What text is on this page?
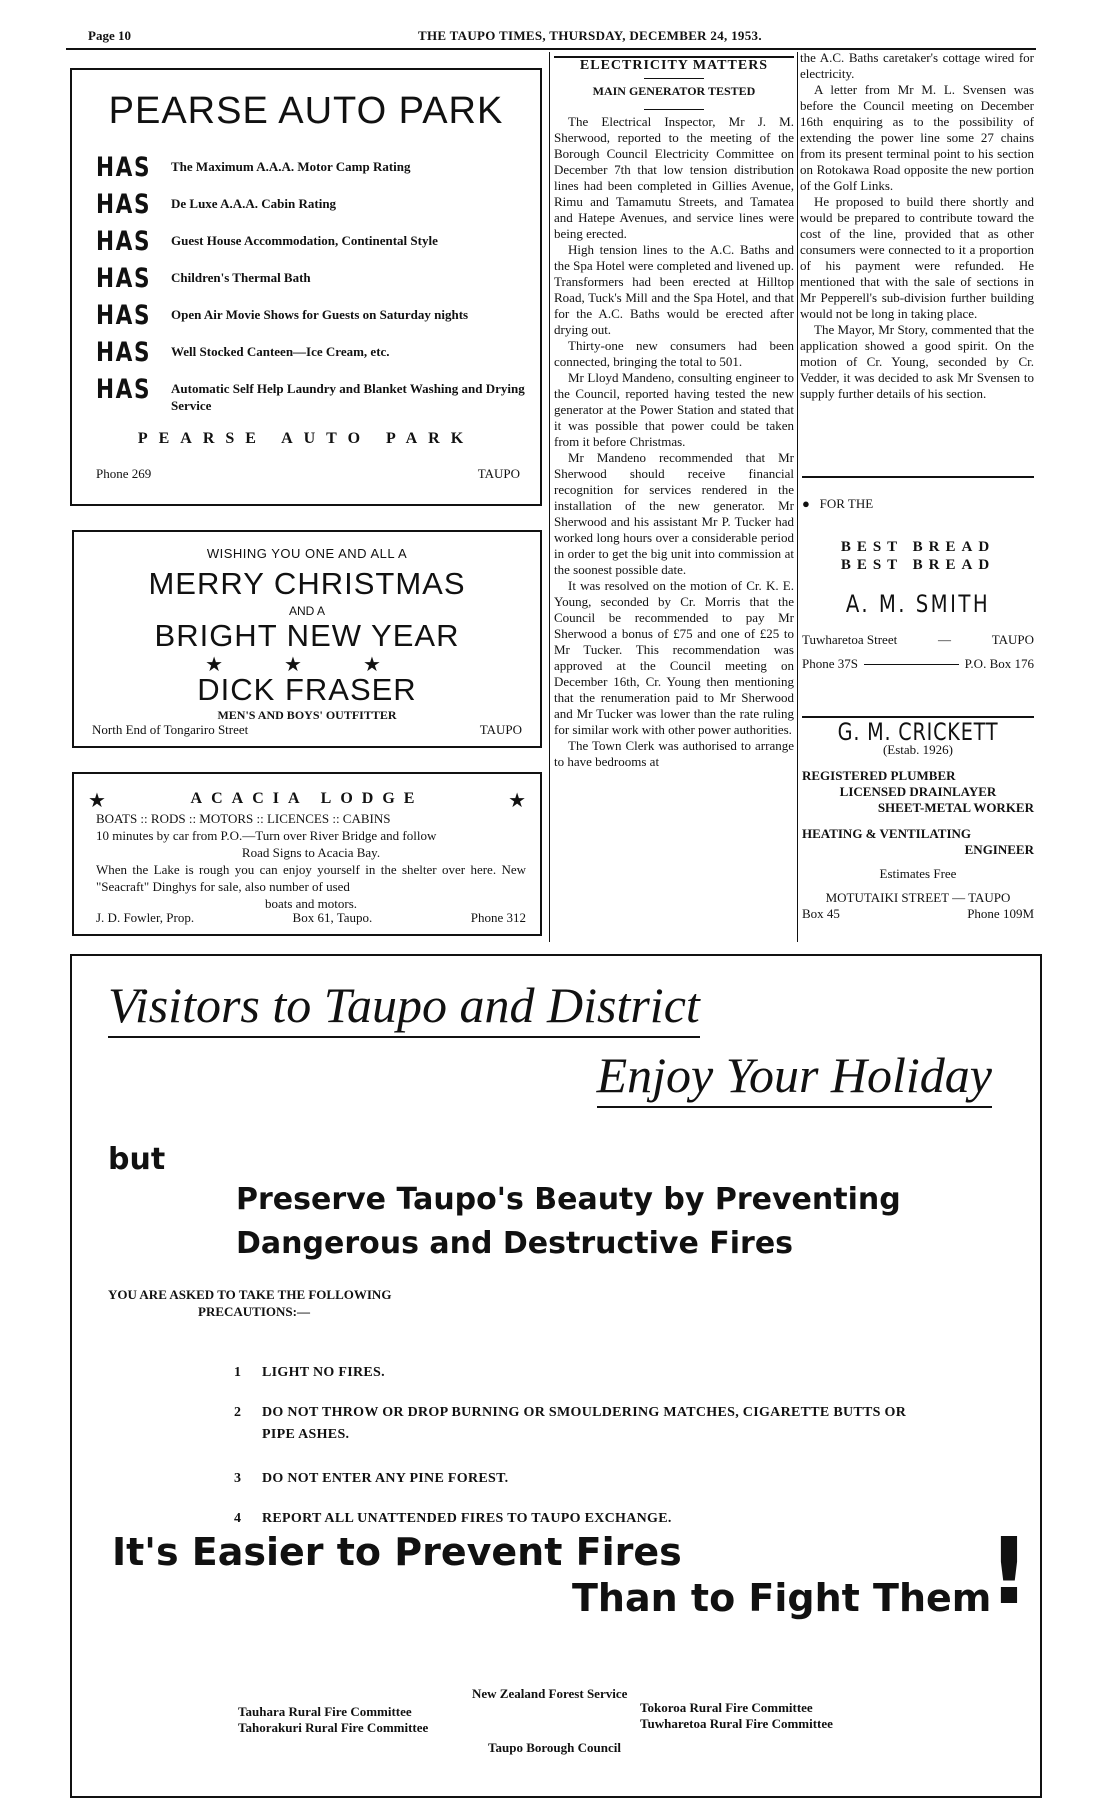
Page 10	THE TAUPO TIMES, THURSDAY, DECEMBER 24, 1953.
PEARSE AUTO PARK
HAS	The Maximum A.A.A. Motor Camp Rating
HAS	De Luxe A.A.A. Cabin Rating
HAS	Guest House Accommodation, Continental Style
HAS	Children's Thermal Bath
HAS	Open Air Movie Shows for Guests on Saturday nights
HAS	Well Stocked Canteen—Ice Cream, etc.
HAS	Automatic Self Help Laundry and Blanket Washing and Drying Service
PEARSE AUTO PARK
Phone 269	TAUPO
WISHING YOU ONE AND ALL A
MERRY CHRISTMAS
AND A
BRIGHT NEW YEAR
★ ★ ★
DICK FRASER
MEN'S AND BOYS' OUTFITTER
North End of Tongariro Street	TAUPO
★	★
ACACIA LODGE
BOATS :: RODS :: MOTORS :: LICENCES :: CABINS
10 minutes by car from P.O.—Turn over River Bridge and follow
Road Signs to Acacia Bay.
When the Lake is rough you can enjoy yourself in the shelter over here. New "Seacraft" Dinghys for sale, also number of used
boats and motors.
J. D. Fowler, Prop.	Box 61, Taupo.	Phone 312
ELECTRICITY MATTERS
MAIN GENERATOR TESTED

The Electrical Inspector, Mr J. M. Sherwood, reported to the meeting of the Borough Council Electricity Committee on December 7th that low tension distribution lines had been completed in Gillies Avenue, Rimu and Tamamutu Streets, and Tamatea and Hatepe Avenues, and service lines were being erected.

High tension lines to the A.C. Baths and the Spa Hotel were completed and livened up. Transformers had been erected at Hilltop Road, Tuck's Mill and the Spa Hotel, and that for the A.C. Baths would be erected after drying out.

Thirty-one new consumers had been connected, bringing the total to 501.

Mr Lloyd Mandeno, consulting engineer to the Council, reported having tested the new generator at the Power Station and stated that it was possible that power could be taken from it before Christmas.

Mr Mandeno recommended that Mr Sherwood should receive financial recognition for services rendered in the installation of the new generator. Mr Sherwood and his assistant Mr P. Tucker had worked long hours over a considerable period in order to get the big unit into commission at the soonest possible date.

It was resolved on the motion of Cr. K. E. Young, seconded by Cr. Morris that the Council be recommended to pay Mr Sherwood a bonus of £75 and one of £25 to Mr Tucker. This recommendation was approved at the Council meeting on December 16th, Cr. Young then mentioning that the renumeration paid to Mr Sherwood and Mr Tucker was lower than the rate ruling for similar work with other power authorities.

The Town Clerk was authorised to arrange to have bedrooms at

the A.C. Baths caretaker's cottage wired for electricity.

A letter from Mr M. L. Svensen was before the Council meeting on December 16th enquiring as to the possibility of extending the power line some 27 chains from its present terminal point to his section on Rotokawa Road opposite the new portion of the Golf Links.

He proposed to build there shortly and would be prepared to contribute toward the cost of the line, provided that as other consumers were connected to it a proportion of his payment were refunded. He mentioned that with the sale of sections in Mr Pepperell's sub-division further building would not be long in taking place.

The Mayor, Mr Story, commented that the application showed a good spirit. On the motion of Cr. Young, seconded by Cr. Vedder, it was decided to ask Mr Svensen to supply further details of his section.

● FOR THE
BEST BREAD
BEST BREAD
A. M. SMITH
Tuwharetoa Street	—	TAUPO
Phone 37S	P.O. Box 176
G. M. CRICKETT
(Estab. 1926)
REGISTERED PLUMBER
LICENSED DRAINLAYER
SHEET-METAL WORKER
HEATING & VENTILATING
ENGINEER
Estimates Free
MOTUTAIKI STREET — TAUPO
Box 45	Phone 109M
Visitors to Taupo and District
Enjoy Your Holiday
but
Preserve Taupo's Beauty by Preventing
Dangerous and Destructive Fires
YOU ARE ASKED TO TAKE THE FOLLOWING
PRECAUTIONS:—
1	LIGHT NO FIRES.
2	DO NOT THROW OR DROP BURNING OR SMOULDERING MATCHES, CIGARETTE BUTTS OR PIPE ASHES.
3	DO NOT ENTER ANY PINE FOREST.
4	REPORT ALL UNATTENDED FIRES TO TAUPO EXCHANGE.
It's Easier to Prevent Fires
Than to Fight Them
!
New Zealand Forest Service
Tauhara Rural Fire Committee
Tahorakuri Rural Fire Committee
Tokoroa Rural Fire Committee
Tuwharetoa Rural Fire Committee
Taupo Borough Council
